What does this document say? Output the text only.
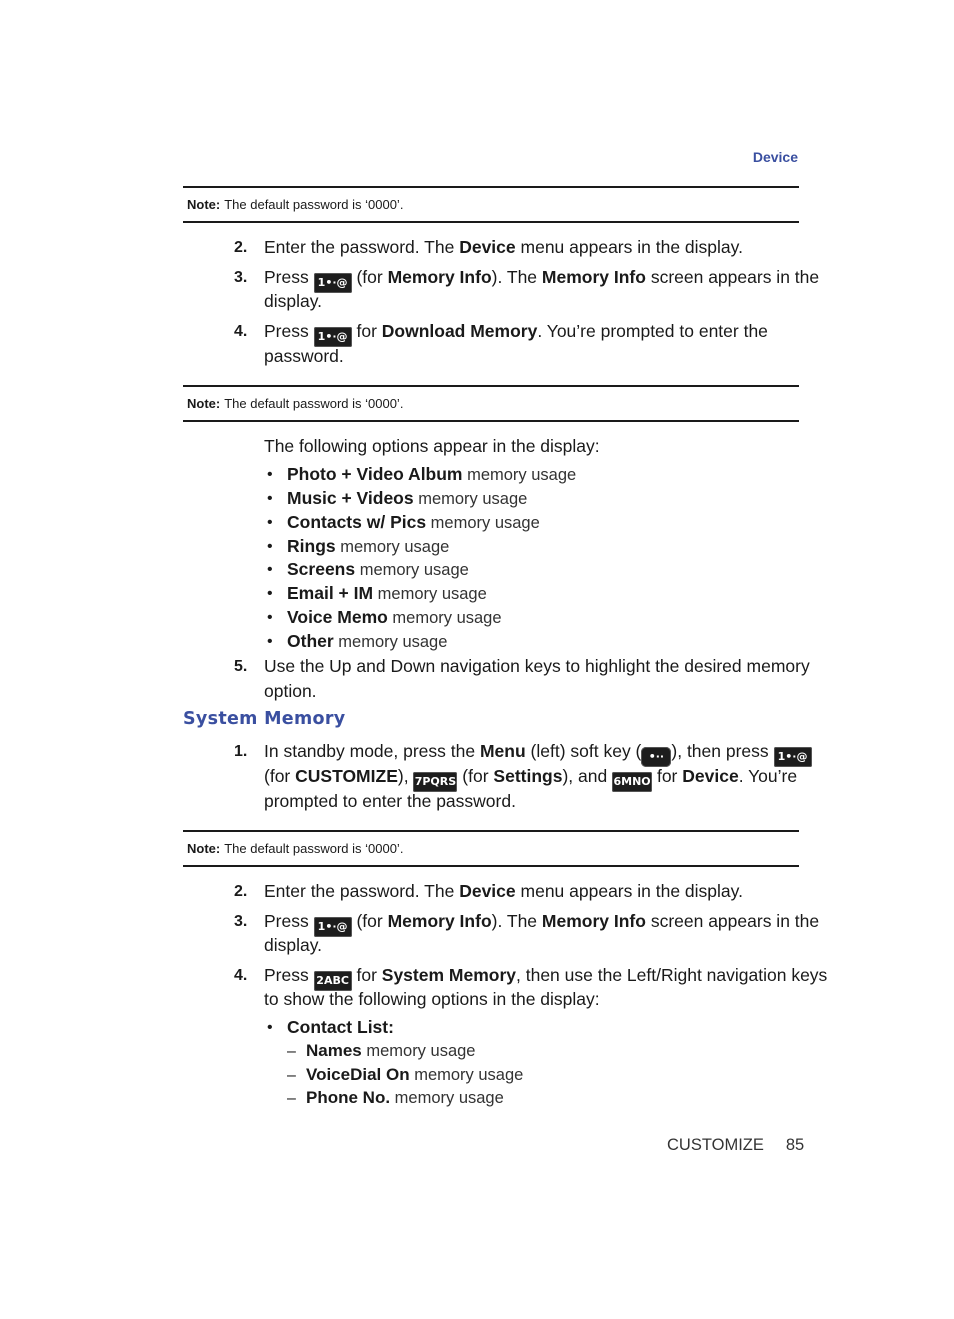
Device
Note: The default password is ‘0000’.
2. Enter the password. The Device menu appears in the display.
3. Press 1•·@ (for Memory Info). The Memory Info screen appears in the
display.
4. Press 1•·@ for Download Memory. You’re prompted to enter the
password.
Note: The default password is ‘0000’.
The following options appear in the display:
• Photo + Video Album memory usage
• Music + Videos memory usage
• Contacts w/ Pics memory usage
• Rings memory usage
• Screens memory usage
• Email + IM memory usage
• Voice Memo memory usage
• Other memory usage
5. Use the Up and Down navigation keys to highlight the desired memory
option.
System Memory
1. In standby mode, press the Menu (left) soft key ( •·· ), then press 1•·@
(for CUSTOMIZE), 7PQRS (for Settings), and 6MNO for Device. You’re
prompted to enter the password.
Note: The default password is ‘0000’.
2. Enter the password. The Device menu appears in the display.
3. Press 1•·@ (for Memory Info). The Memory Info screen appears in the
display.
4. Press 2ABC for System Memory, then use the Left/Right navigation keys
to show the following options in the display:
• Contact List:
– Names memory usage
– VoiceDial On memory usage
– Phone No. memory usage
CUSTOMIZE 85
